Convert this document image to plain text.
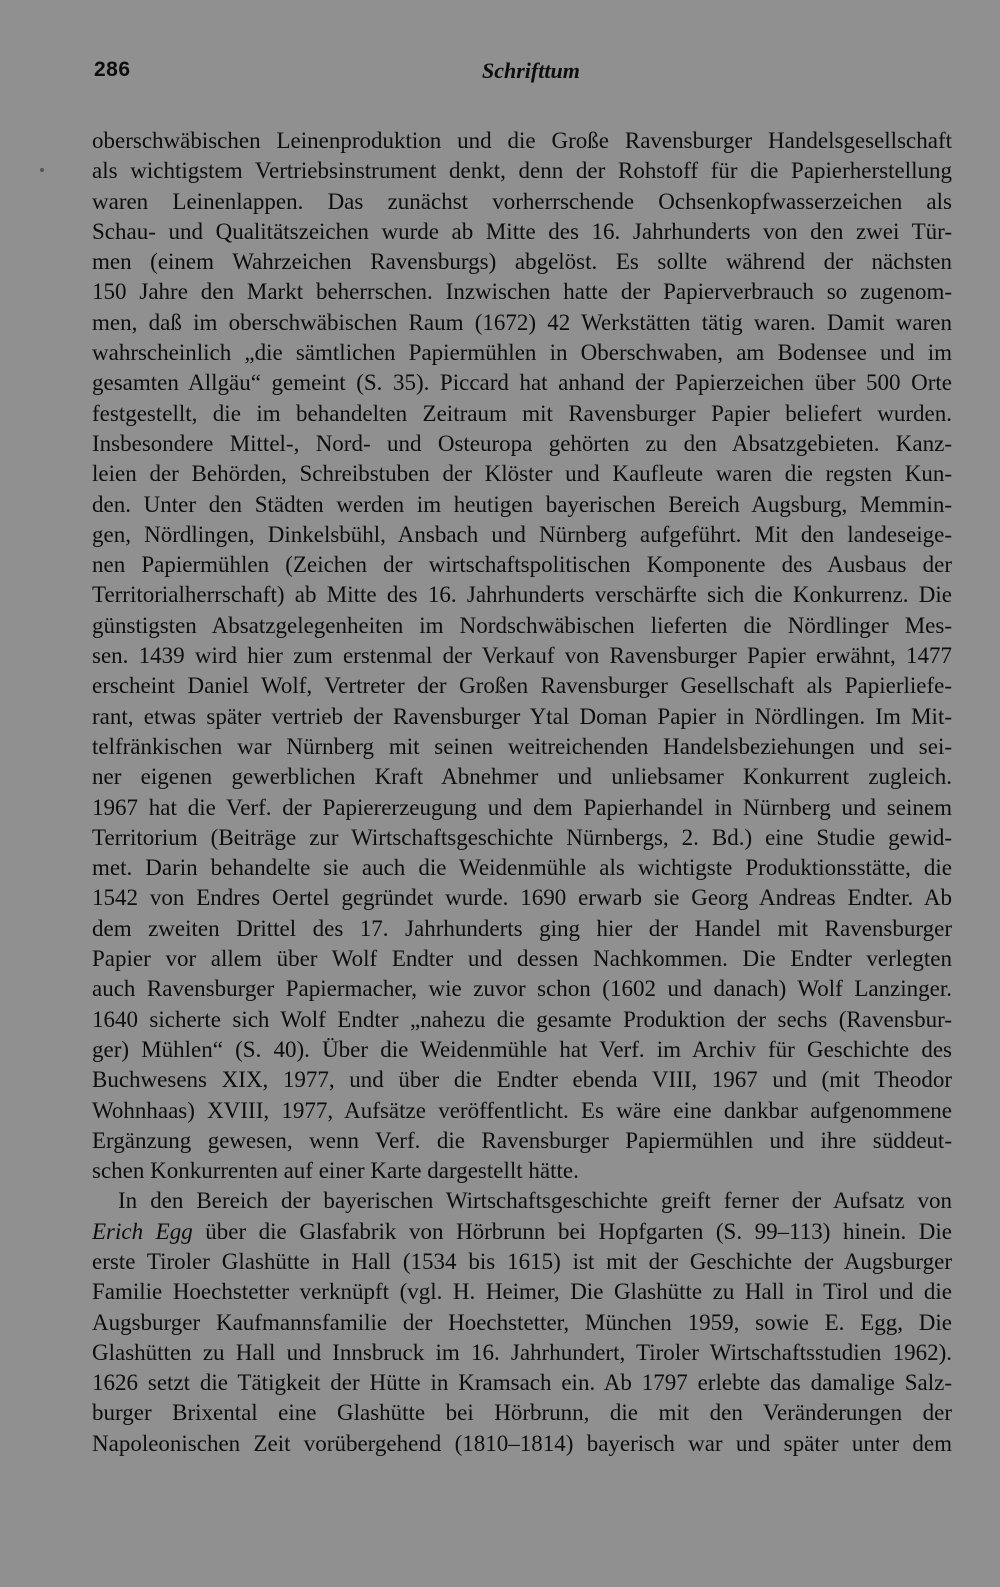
286	Schrifttum
oberschwäbischen Leinenproduktion und die Große Ravensburger Handelsgesellschaft
als wichtigstem Vertriebsinstrument denkt, denn der Rohstoff für die Papierherstellung
waren Leinenlappen. Das zunächst vorherrschende Ochsenkopfwasserzeichen als
Schau- und Qualitätszeichen wurde ab Mitte des 16. Jahrhunderts von den zwei Tür-
men (einem Wahrzeichen Ravensburgs) abgelöst. Es sollte während der nächsten
150 Jahre den Markt beherrschen. Inzwischen hatte der Papierverbrauch so zugenom-
men, daß im oberschwäbischen Raum (1672) 42 Werkstätten tätig waren. Damit waren
wahrscheinlich „die sämtlichen Papiermühlen in Oberschwaben, am Bodensee und im
gesamten Allgäu“ gemeint (S. 35). Piccard hat anhand der Papierzeichen über 500 Orte
festgestellt, die im behandelten Zeitraum mit Ravensburger Papier beliefert wurden.
Insbesondere Mittel-, Nord- und Osteuropa gehörten zu den Absatzgebieten. Kanz-
leien der Behörden, Schreibstuben der Klöster und Kaufleute waren die regsten Kun-
den. Unter den Städten werden im heutigen bayerischen Bereich Augsburg, Memmin-
gen, Nördlingen, Dinkelsbühl, Ansbach und Nürnberg aufgeführt. Mit den landeseige-
nen Papiermühlen (Zeichen der wirtschaftspolitischen Komponente des Ausbaus der
Territorialherrschaft) ab Mitte des 16. Jahrhunderts verschärfte sich die Konkurrenz. Die
günstigsten Absatzgelegenheiten im Nordschwäbischen lieferten die Nördlinger Mes-
sen. 1439 wird hier zum erstenmal der Verkauf von Ravensburger Papier erwähnt, 1477
erscheint Daniel Wolf, Vertreter der Großen Ravensburger Gesellschaft als Papierliefe-
rant, etwas später vertrieb der Ravensburger Ytal Doman Papier in Nördlingen. Im Mit-
telfränkischen war Nürnberg mit seinen weitreichenden Handelsbeziehungen und sei-
ner eigenen gewerblichen Kraft Abnehmer und unliebsamer Konkurrent zugleich.
1967 hat die Verf. der Papiererzeugung und dem Papierhandel in Nürnberg und seinem
Territorium (Beiträge zur Wirtschaftsgeschichte Nürnbergs, 2. Bd.) eine Studie gewid-
met. Darin behandelte sie auch die Weidenmühle als wichtigste Produktionsstätte, die
1542 von Endres Oertel gegründet wurde. 1690 erwarb sie Georg Andreas Endter. Ab
dem zweiten Drittel des 17. Jahrhunderts ging hier der Handel mit Ravensburger
Papier vor allem über Wolf Endter und dessen Nachkommen. Die Endter verlegten
auch Ravensburger Papiermacher, wie zuvor schon (1602 und danach) Wolf Lanzinger.
1640 sicherte sich Wolf Endter „nahezu die gesamte Produktion der sechs (Ravensbur-
ger) Mühlen“ (S. 40). Über die Weidenmühle hat Verf. im Archiv für Geschichte des
Buchwesens XIX, 1977, und über die Endter ebenda VIII, 1967 und (mit Theodor
Wohnhaas) XVIII, 1977, Aufsätze veröffentlicht. Es wäre eine dankbar aufgenommene
Ergänzung gewesen, wenn Verf. die Ravensburger Papiermühlen und ihre süddeut-
schen Konkurrenten auf einer Karte dargestellt hätte.
In den Bereich der bayerischen Wirtschaftsgeschichte greift ferner der Aufsatz von
Erich Egg über die Glasfabrik von Hörbrunn bei Hopfgarten (S. 99–113) hinein. Die
erste Tiroler Glashütte in Hall (1534 bis 1615) ist mit der Geschichte der Augsburger
Familie Hoechstetter verknüpft (vgl. H. Heimer, Die Glashütte zu Hall in Tirol und die
Augsburger Kaufmannsfamilie der Hoechstetter, München 1959, sowie E. Egg, Die
Glashütten zu Hall und Innsbruck im 16. Jahrhundert, Tiroler Wirtschaftsstudien 1962).
1626 setzt die Tätigkeit der Hütte in Kramsach ein. Ab 1797 erlebte das damalige Salz-
burger Brixental eine Glashütte bei Hörbrunn, die mit den Veränderungen der
Napoleonischen Zeit vorübergehend (1810–1814) bayerisch war und später unter dem
